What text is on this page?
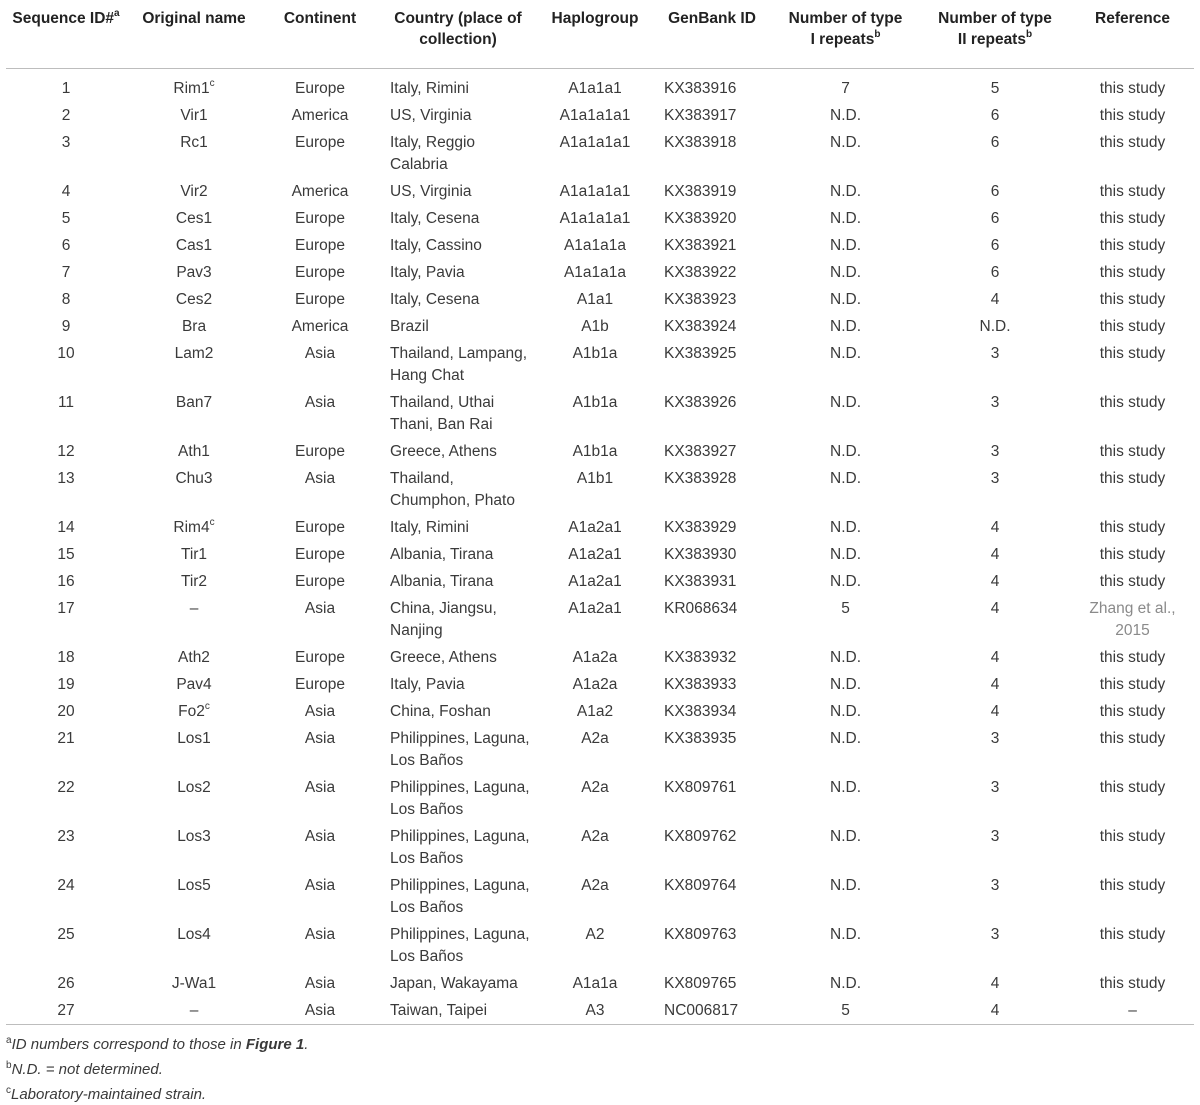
Sequence ID#$^a$	Original name	Continent	Country (place of collection)	Haplogroup	GenBank ID	Number of type I repeats$^b$	Number of type II repeats$^b$	Reference
1	Rim1$^c$	Europe	Italy, Rimini	A1a1a1	KX383916	7	5	this study
2	Vir1	America	US, Virginia	A1a1a1a1	KX383917	N.D.	6	this study
3	Rc1	Europe	Italy, Reggio Calabria	A1a1a1a1	KX383918	N.D.	6	this study
4	Vir2	America	US, Virginia	A1a1a1a1	KX383919	N.D.	6	this study
5	Ces1	Europe	Italy, Cesena	A1a1a1a1	KX383920	N.D.	6	this study
6	Cas1	Europe	Italy, Cassino	A1a1a1a	KX383921	N.D.	6	this study
7	Pav3	Europe	Italy, Pavia	A1a1a1a	KX383922	N.D.	6	this study
8	Ces2	Europe	Italy, Cesena	A1a1	KX383923	N.D.	4	this study
9	Bra	America	Brazil	A1b	KX383924	N.D.	N.D.	this study
10	Lam2	Asia	Thailand, Lampang, Hang Chat	A1b1a	KX383925	N.D.	3	this study
11	Ban7	Asia	Thailand, Uthai Thani, Ban Rai	A1b1a	KX383926	N.D.	3	this study
12	Ath1	Europe	Greece, Athens	A1b1a	KX383927	N.D.	3	this study
13	Chu3	Asia	Thailand, Chumphon, Phato	A1b1	KX383928	N.D.	3	this study
14	Rim4$^c$	Europe	Italy, Rimini	A1a2a1	KX383929	N.D.	4	this study
15	Tir1	Europe	Albania, Tirana	A1a2a1	KX383930	N.D.	4	this study
16	Tir2	Europe	Albania, Tirana	A1a2a1	KX383931	N.D.	4	this study
17	–	Asia	China, Jiangsu, Nanjing	A1a2a1	KR068634	5	4	Zhang et al., 2015
18	Ath2	Europe	Greece, Athens	A1a2a	KX383932	N.D.	4	this study
19	Pav4	Europe	Italy, Pavia	A1a2a	KX383933	N.D.	4	this study
20	Fo2$^c$	Asia	China, Foshan	A1a2	KX383934	N.D.	4	this study
21	Los1	Asia	Philippines, Laguna, Los Baños	A2a	KX383935	N.D.	3	this study
22	Los2	Asia	Philippines, Laguna, Los Baños	A2a	KX809761	N.D.	3	this study
23	Los3	Asia	Philippines, Laguna, Los Baños	A2a	KX809762	N.D.	3	this study
24	Los5	Asia	Philippines, Laguna, Los Baños	A2a	KX809764	N.D.	3	this study
25	Los4	Asia	Philippines, Laguna, Los Baños	A2	KX809763	N.D.	3	this study
26	J-Wa1	Asia	Japan, Wakayama	A1a1a	KX809765	N.D.	4	this study
27	–	Asia	Taiwan, Taipei	A3	NC006817	5	4	–
$^a$ID numbers correspond to those in Figure 1.
$^b$N.D. = not determined.
$^c$Laboratory-maintained strain.
